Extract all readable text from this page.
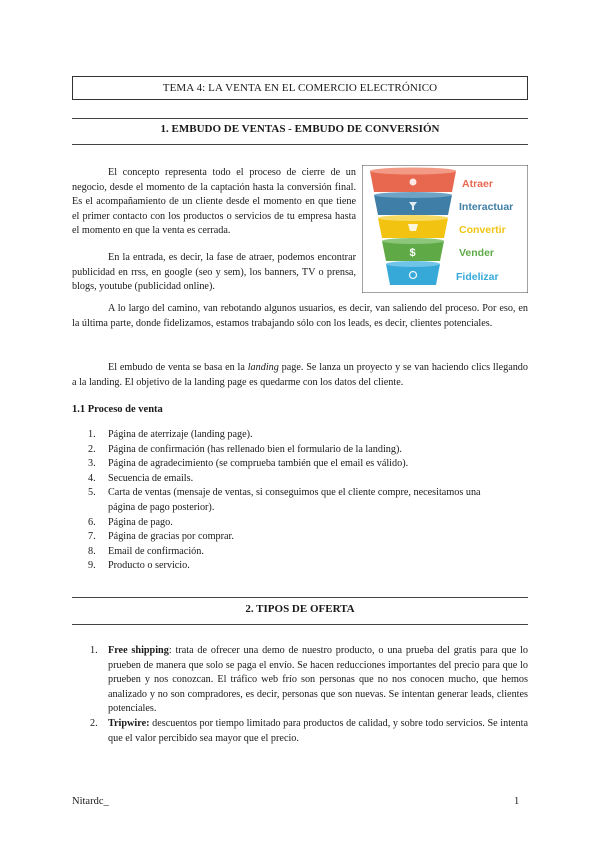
TEMA 4: LA VENTA EN EL COMERCIO ELECTRÓNICO
1. EMBUDO DE VENTAS - EMBUDO DE CONVERSIÓN

El concepto representa todo el proceso de cierre de un negocio, desde el momento de la captación hasta la conversión final. Es el acompañamiento de un cliente desde el momento en que tiene el primer contacto con los productos o servicios de tu empresa hasta el momento en que la venta es cerrada.

En la entrada, es decir, la fase de atraer, podemos encontrar publicidad en rrss, en google (seo y sem), los banners, TV o prensa, blogs, youtube (publicidad online).

Atraer
Interactuar
Convertir
$	Vender
Fidelizar

A lo largo del camino, van rebotando algunos usuarios, es decir, van saliendo del proceso. Por eso, en la última parte, donde fidelizamos, estamos trabajando sólo con los leads, es decir, clientes potenciales.

El embudo de venta se basa en la landing page. Se lanza un proyecto y se van haciendo clics llegando a la landing. El objetivo de la landing page es quedarme con los datos del cliente.

1.1 Proceso de venta
1. Página de aterrizaje (landing page).
2. Página de confirmación (has rellenado bien el formulario de la landing).
3. Página de agradecimiento (se comprueba también que el email es válido).
4. Secuencia de emails.
5. Carta de ventas (mensaje de ventas, si conseguimos que el cliente compre, necesitamos una página de pago posterior).
6. Página de pago.
7. Página de gracias por comprar.
8. Email de confirmación.
9. Producto o servicio.
2. TIPOS DE OFERTA
1. Free shipping: trata de ofrecer una demo de nuestro producto, o una prueba del gratis para que lo prueben de manera que solo se paga el envío. Se hacen reducciones importantes del precio para que lo prueben y nos conozcan. El tráfico web frío son personas que no nos conocen mucho, que hemos analizado y no son compradores, es decir, personas que son nuevas. Se intentan generar leads, clientes potenciales.
2. Tripwire: descuentos por tiempo limitado para productos de calidad, y sobre todo servicios. Se intenta que el valor percibido sea mayor que el precio.
Nitardc_	1
